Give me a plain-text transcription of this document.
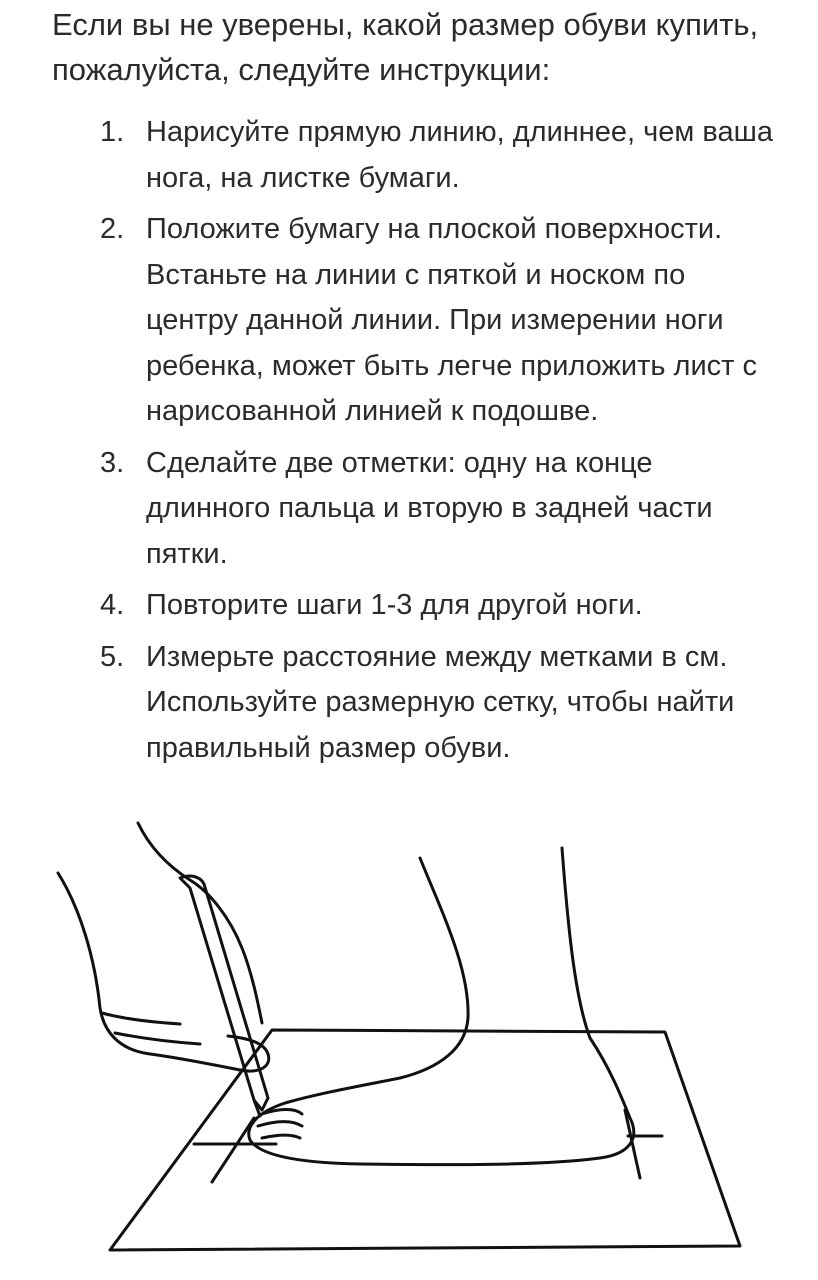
Если вы не уверены, какой размер обуви купить, пожалуйста, следуйте инструкции:

1. Нарисуйте прямую линию, длиннее, чем ваша нога, на листке бумаги.
2. Положите бумагу на плоской поверхности. Встаньте на линии с пяткой и носком по центру данной линии. При измерении ноги ребенка, может быть легче приложить лист с нарисованной линией к подошве.
3. Сделайте две отметки: одну на конце длинного пальца и вторую в задней части пятки.
4. Повторите шаги 1-3 для другой ноги.
5. Измерьте расстояние между метками в см. Используйте размерную сетку, чтобы найти правильный размер обуви.
